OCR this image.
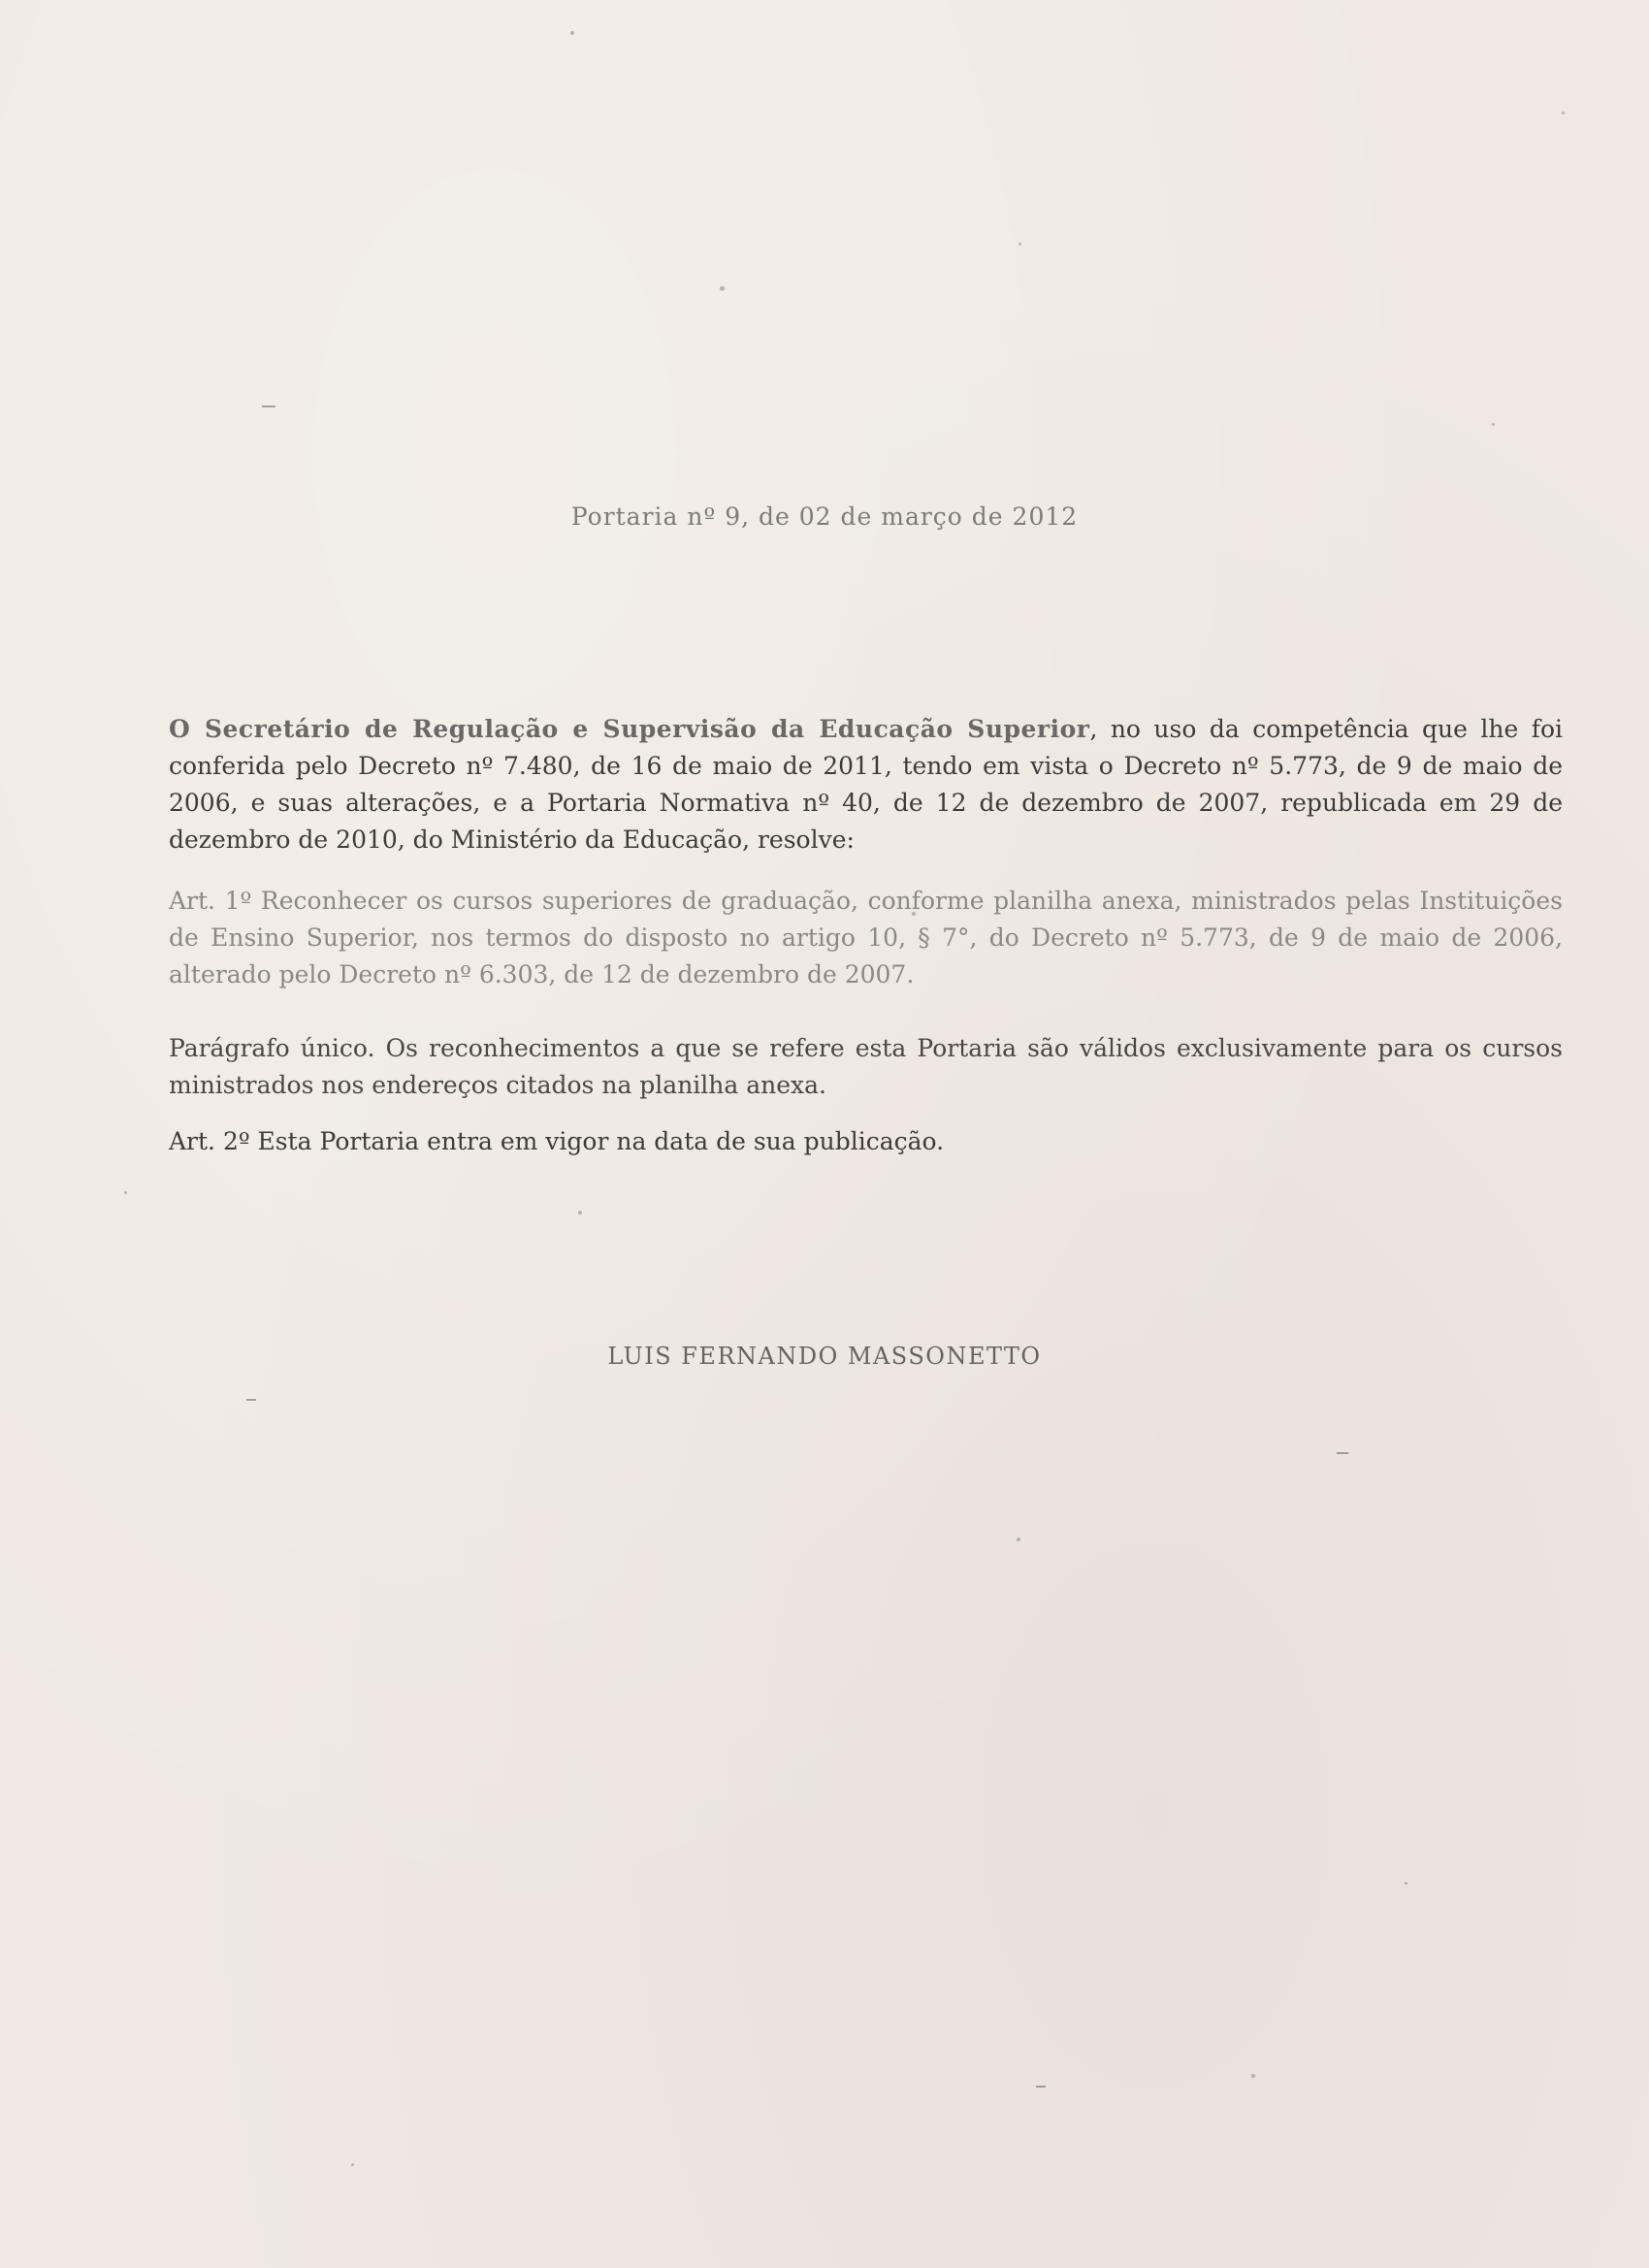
Portaria nº 9, de 02 de março de 2012

O Secretário de Regulação e Supervisão da Educação Superior, no uso da competência que lhe foi conferida pelo Decreto nº 7.480, de 16 de maio de 2011, tendo em vista o Decreto nº 5.773, de 9 de maio de 2006, e suas alterações, e a Portaria Normativa nº 40, de 12 de dezembro de 2007, republicada em 29 de dezembro de 2010, do Ministério da Educação, resolve:

Art. 1º Reconhecer os cursos superiores de graduação, conforme planilha anexa, ministrados pelas Instituições de Ensino Superior, nos termos do disposto no artigo 10, § 7°, do Decreto nº 5.773, de 9 de maio de 2006, alterado pelo Decreto nº 6.303, de 12 de dezembro de 2007.

Parágrafo único. Os reconhecimentos a que se refere esta Portaria são válidos exclusivamente para os cursos ministrados nos endereços citados na planilha anexa.

Art. 2º Esta Portaria entra em vigor na data de sua publicação.

LUIS FERNANDO MASSONETTO
